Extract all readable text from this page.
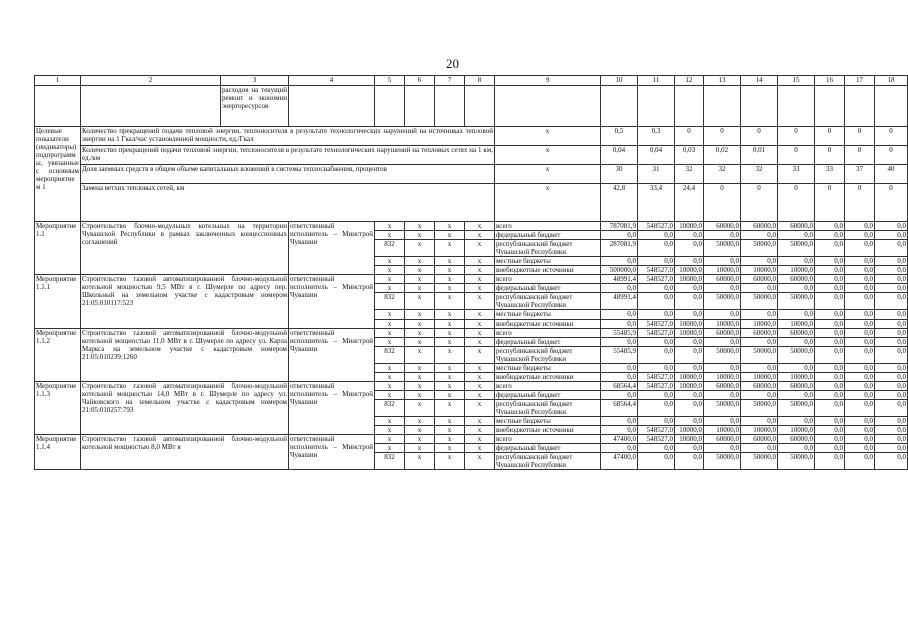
20
1	2	3	4	5	6	7	8	9	10	11	12	13	14	15	16	17	18
		расходов на текущий ремонт и экономии энергоресурсов															
Целевые показатели (индикаторы) подпрограммы, увязанные с основным мероприятием 1	Количество прекращений подачи тепловой энергии, теплоносителя в результате технологических нарушений на источниках тепловой энергии на 1 Гкал/час установленной мощности, ед./Гкал							x	0,5	0,3	0	0	0	0	0	0	0
	Количество прекращений подачи тепловой энергии, теплоносителя в результате технологических нарушений на тепловых сетях на 1 км, ед./км							x	0,04	0,04	0,03	0,02	0,01	0	0	0	0
	Доля заемных средств в общем объеме капитальных вложений в системы теплоснабжения, процентов							x	30	31	32	32	32	33	33	37	40
	Замена ветхих тепловых сетей, км							x	42,8	33,4	24,4	0	0	0	0	0	0
Мероприятие 1.1	Строительство блочно-модульных котельных на территории Чувашской Республики в рамках заключенных концессионных соглашений		ответственный исполнитель – Минстрой Чувашии	x	x	x	x	всего	787081,9	548527,0	10000,0	60000,0	60000,0	60000,0	0,0	0,0	0,0
				x	x	x	x	федеральный бюджет	0,0	0,0	0,0	0,0	0,0	0,0	0,0	0,0	0,0
				832	x	x	x	республиканский бюджет Чувашской Республики	287081,9	0,0	0,0	50000,0	50000,0	50000,0	0,0	0,0	0,0
				x	x	x	x	местные бюджеты	0,0	0,0	0,0	0,0	0,0	0,0	0,0	0,0	0,0
				x	x	x	x	внебюджетные источники	500000,0	548527,0	10000,0	10000,0	10000,0	10000,0	0,0	0,0	0,0
Мероприятие 1.1.1	Строительство газовой автоматизированной блочно-модульной котельной мощностью 9,5 МВт в г. Шумерле по адресу пер. Школьный на земельном участке с кадастровым номером 21:05:010117:523		ответственный исполнитель – Минстрой Чувашии	x	x	x	x	всего	48991,4	548527,0	10000,0	60000,0	60000,0	60000,0	0,0	0,0	0,0
				x	x	x	x	федеральный бюджет	0,0	0,0	0,0	0,0	0,0	0,0	0,0	0,0	0,0
				832	x	x	x	республиканский бюджет Чувашской Республики	48991,4	0,0	0,0	50000,0	50000,0	50000,0	0,0	0,0	0,0
				x	x	x	x	местные бюджеты	0,0	0,0	0,0	0,0	0,0	0,0	0,0	0,0	0,0
				x	x	x	x	внебюджетные источники	0,0	548527,0	10000,0	10000,0	10000,0	10000,0	0,0	0,0	0,0
Мероприятие 1.1.2	Строительство газовой автоматизированной блочно-модульной котельной мощностью 11,0 МВт в г. Шумерле по адресу ул. Карла Маркса на земельном участке с кадастровым номером 21:05:010239:1260		ответственный исполнитель – Минстрой Чувашии	x	x	x	x	всего	55485,9	548527,0	10000,0	60000,0	60000,0	60000,0	0,0	0,0	0,0
				x	x	x	x	федеральный бюджет	0,0	0,0	0,0	0,0	0,0	0,0	0,0	0,0	0,0
				832	x	x	x	республиканский бюджет Чувашской Республики	55485,9	0,0	0,0	50000,0	50000,0	50000,0	0,0	0,0	0,0
				x	x	x	x	местные бюджеты	0,0	0,0	0,0	0,0	0,0	0,0	0,0	0,0	0,0
				x	x	x	x	внебюджетные источники	0,0	548527,0	10000,0	10000,0	10000,0	10000,0	0,0	0,0	0,0
Мероприятие 1.1.3	Строительство газовой автоматизированной блочно-модульной котельной мощностью 14,0 МВт в г. Шумерле по адресу ул. Чайковского на земельном участке с кадастровым номером 21:05:010257:793		ответственный исполнитель – Минстрой Чувашии	x	x	x	x	всего	68564,4	548527,0	10000,0	60000,0	60000,0	60000,0	0,0	0,0	0,0
				x	x	x	x	федеральный бюджет	0,0	0,0	0,0	0,0	0,0	0,0	0,0	0,0	0,0
				832	x	x	x	республиканский бюджет Чувашской Республики	68564,4	0,0	0,0	50000,0	50000,0	50000,0	0,0	0,0	0,0
				x	x	x	x	местные бюджеты	0,0	0,0	0,0	0,0	0,0	0,0	0,0	0,0	0,0
				x	x	x	x	внебюджетные источники	0,0	548527,0	10000,0	10000,0	10000,0	10000,0	0,0	0,0	0,0
Мероприятие 1.1.4	Строительство газовой автоматизированной блочно-модульной котельной мощностью 8,0 МВт в		ответственный исполнитель – Минстрой Чувашии	x	x	x	x	всего	47400,0	548527,0	10000,0	60000,0	60000,0	60000,0	0,0	0,0	0,0
				x	x	x	x	федеральный бюджет	0,0	0,0	0,0	0,0	0,0	0,0	0,0	0,0	0,0
				832	x	x	x	республиканский бюджет Чувашской Республики	47400,0	0,0	0,0	50000,0	50000,0	50000,0	0,0	0,0	0,0
